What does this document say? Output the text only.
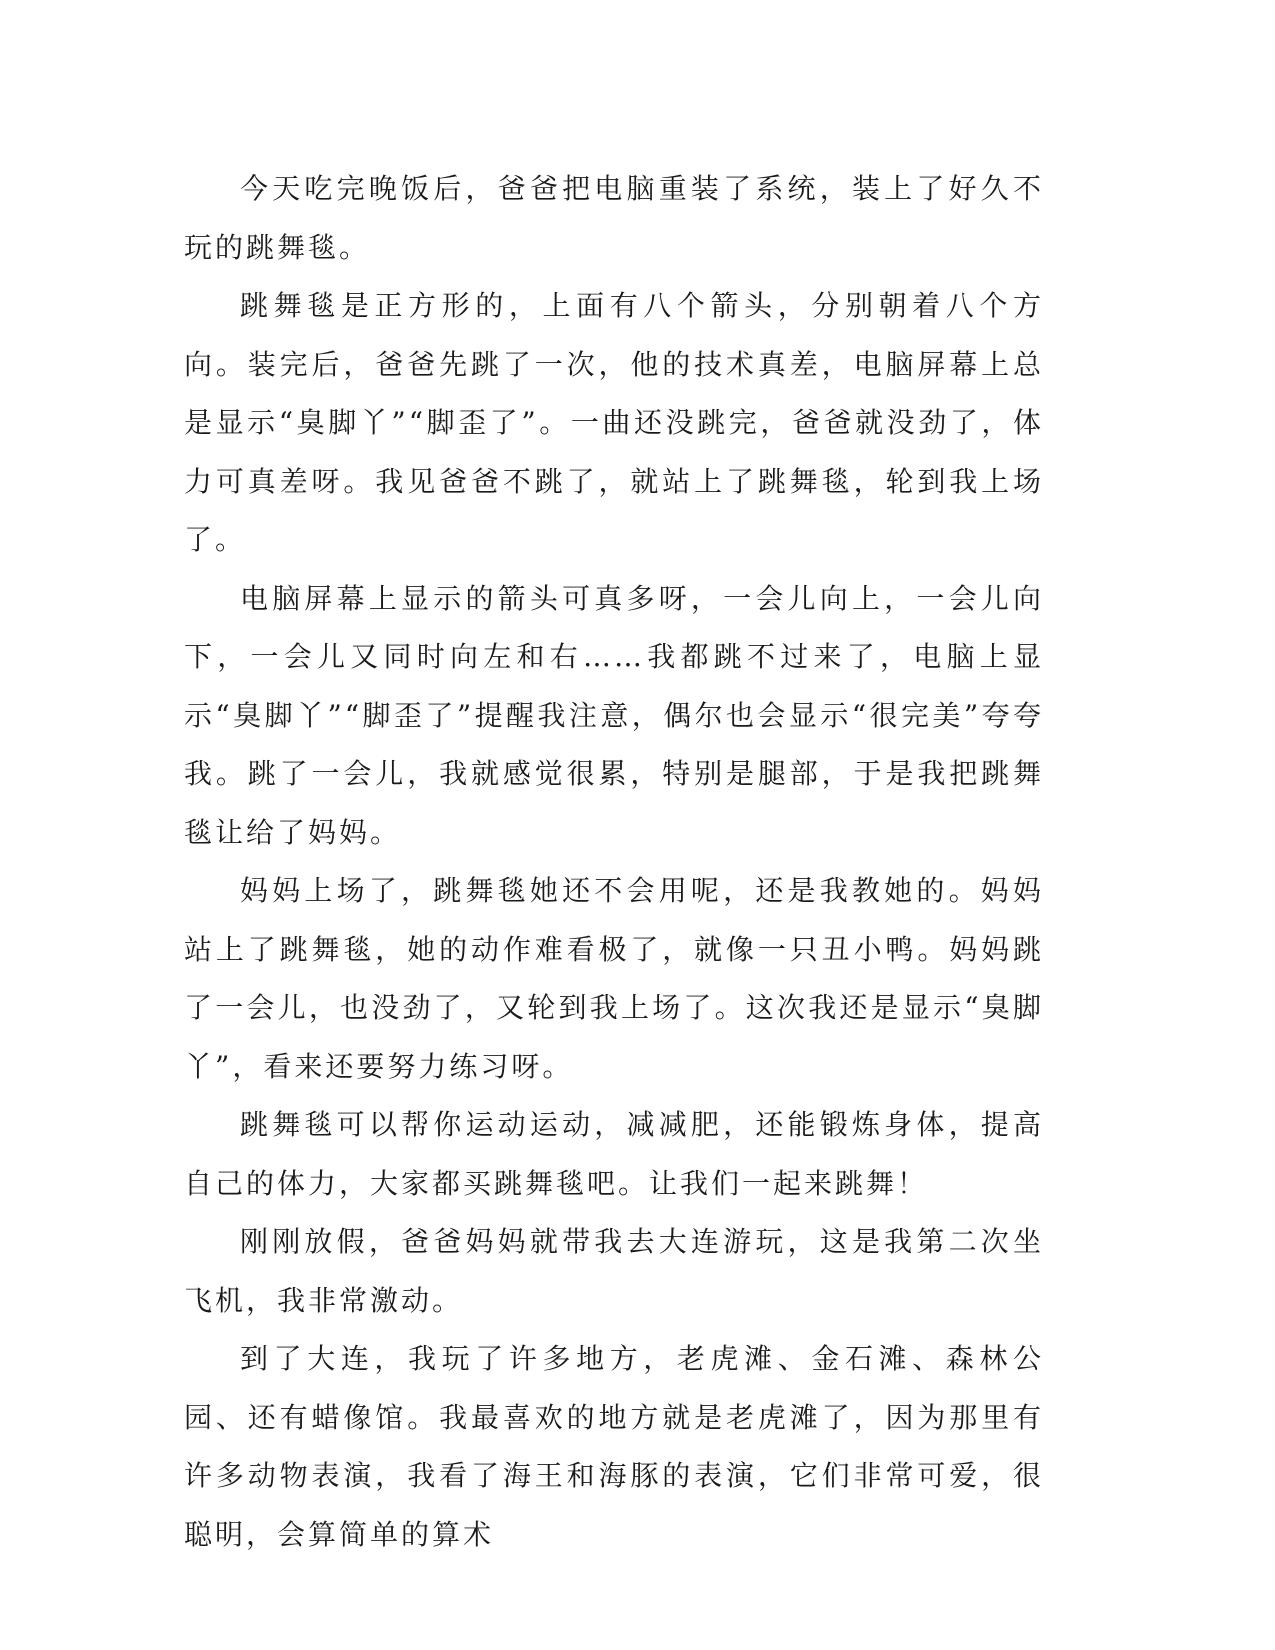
今天吃完晚饭后，爸爸把电脑重装了系统，装上了好久不玩的跳舞毯。

跳舞毯是正方形的，上面有八个箭头，分别朝着八个方向。装完后，爸爸先跳了一次，他的技术真差，电脑屏幕上总是显示“臭脚丫”“脚歪了”。一曲还没跳完，爸爸就没劲了，体力可真差呀。我见爸爸不跳了，就站上了跳舞毯，轮到我上场了。

电脑屏幕上显示的箭头可真多呀，一会儿向上，一会儿向下，一会儿又同时向左和右……我都跳不过来了，电脑上显示“臭脚丫”“脚歪了”提醒我注意，偶尔也会显示“很完美”夸夸我。跳了一会儿，我就感觉很累，特别是腿部，于是我把跳舞毯让给了妈妈。

妈妈上场了，跳舞毯她还不会用呢，还是我教她的。妈妈站上了跳舞毯，她的动作难看极了，就像一只丑小鸭。妈妈跳了一会儿，也没劲了，又轮到我上场了。这次我还是显示“臭脚丫”，看来还要努力练习呀。

跳舞毯可以帮你运动运动，减减肥，还能锻炼身体，提高自己的体力，大家都买跳舞毯吧。让我们一起来跳舞！

刚刚放假，爸爸妈妈就带我去大连游玩，这是我第二次坐飞机，我非常激动。

到了大连，我玩了许多地方，老虎滩、金石滩、森林公园、还有蜡像馆。我最喜欢的地方就是老虎滩了，因为那里有许多动物表演，我看了海王和海豚的表演，它们非常可爱，很聪明，会算简单的算术
